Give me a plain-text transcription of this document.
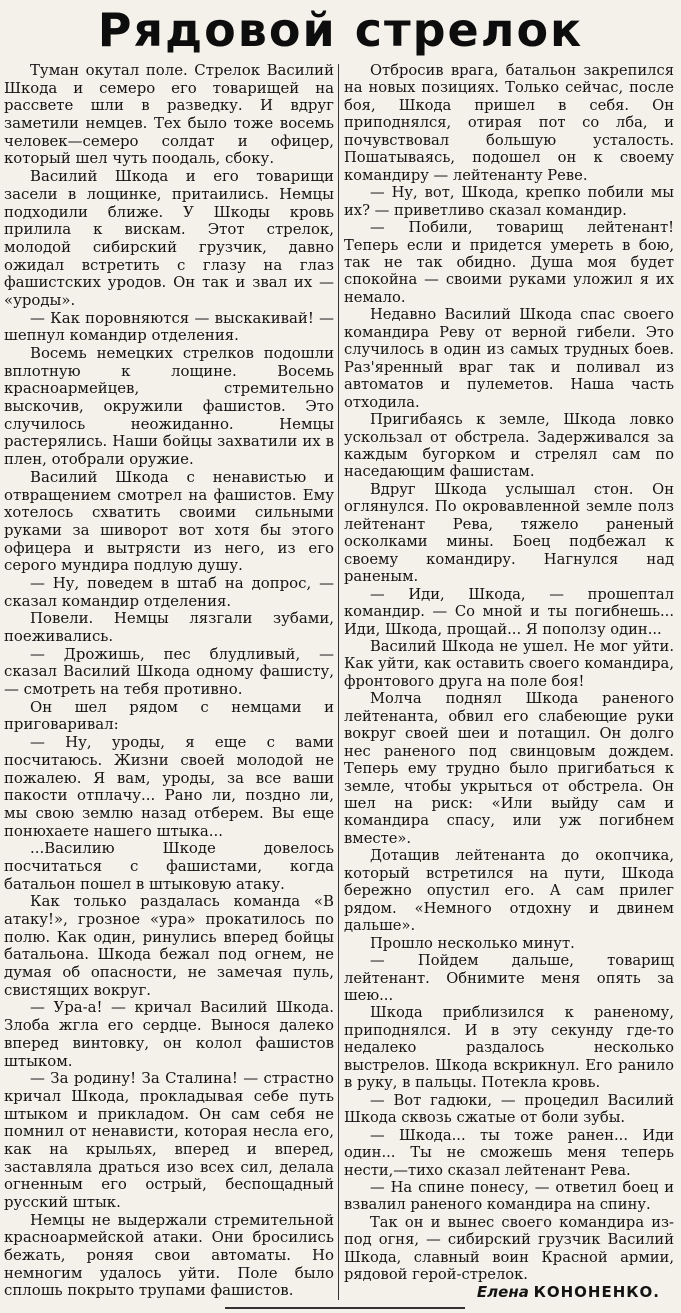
Рядовой стрелок

Туман окутал поле. Стрелок Василий Шкода и семеро его товарищей на рассвете шли в разведку. И вдруг заметили немцев. Тех было тоже восемь человек—семеро солдат и офицер, который шел чуть поодаль, сбоку.

Василий Шкода и его товарищи засели в лощинке, притаились. Немцы подходили ближе. У Шкоды кровь прилила к вискам. Этот стрелок, молодой сибирский грузчик, давно ожидал встретить с глазу на глаз фашистских уродов. Он так и звал их — «уроды».

— Как поровняются — выскакивай! — шепнул командир отделения.

Восемь немецких стрелков подошли вплотную к лощине. Восемь красноармейцев, стремительно выскочив, окружили фашистов. Это случилось неожиданно. Немцы растерялись. Наши бойцы захватили их в плен, отобрали оружие.

Василий Шкода с ненавистью и отвращением смотрел на фашистов. Ему хотелось схватить своими сильными руками за шиворот вот хотя бы этого офицера и вытрясти из него, из его серого мундира подлую душу.

— Ну, поведем в штаб на допрос, — сказал командир отделения.

Повели. Немцы лязгали зубами, поеживались.

— Дрожишь, пес блудливый, — сказал Василий Шкода одному фашисту, — смотреть на тебя противно.

Он шел рядом с немцами и приговаривал:

— Ну, уроды, я еще с вами посчитаюсь. Жизни своей молодой не пожалею. Я вам, уроды, за все ваши пакости отплачу... Рано ли, поздно ли, мы свою землю назад отберем. Вы еще понюхаете нашего штыка...

...Василию Шкоде довелось посчитаться с фашистами, когда батальон пошел в штыковую атаку.

Как только раздалась команда «В атаку!», грозное «ура» прокатилось по полю. Как один, ринулись вперед бойцы батальона. Шкода бежал под огнем, не думая об опасности, не замечая пуль, свистящих вокруг.

— Ура-а! — кричал Василий Шкода. Злоба жгла его сердце. Вынося далеко вперед винтовку, он колол фашистов штыком.

— За родину! За Сталина! — страстно кричал Шкода, прокладывая себе путь штыком и прикладом. Он сам себя не помнил от ненависти, которая несла его, как на крыльях, вперед и вперед, заставляла драться изо всех сил, делала огненным его острый, беспощадный русский штык.

Немцы не выдержали стремительной красноармейской атаки. Они бросились бежать, роняя свои автоматы. Но немногим удалось уйти. Поле было сплошь покрыто трупами фашистов.

Отбросив врага, батальон закрепился на новых позициях. Только сейчас, после боя, Шкода пришел в себя. Он приподнялся, отирая пот со лба, и почувствовал большую усталость. Пошатываясь, подошел он к своему командиру — лейтенанту Реве.

— Ну, вот, Шкода, крепко побили мы их? — приветливо сказал командир.

— Побили, товарищ лейтенант! Теперь если и придется умереть в бою, так не так обидно. Душа моя будет спокойна — своими руками уложил я их немало.

Недавно Василий Шкода спас своего командира Реву от верной гибели. Это случилось в один из самых трудных боев. Раз'яренный враг так и поливал из автоматов и пулеметов. Наша часть отходила.

Пригибаясь к земле, Шкода ловко ускользал от обстрела. Задерживался за каждым бугорком и стрелял сам по наседающим фашистам.

Вдруг Шкода услышал стон. Он оглянулся. По окровавленной земле полз лейтенант Рева, тяжело раненый осколками мины. Боец подбежал к своему командиру. Нагнулся над раненым.

— Иди, Шкода, — прошептал командир. — Со мной и ты погибнешь... Иди, Шкода, прощай... Я поползу один...

Василий Шкода не ушел. Не мог уйти. Как уйти, как оставить своего командира, фронтового друга на поле боя!

Молча поднял Шкода раненого лейтенанта, обвил его слабеющие руки вокруг своей шеи и потащил. Он долго нес раненого под свинцовым дождем. Теперь ему трудно было пригибаться к земле, чтобы укрыться от обстрела. Он шел на риск: «Или выйду сам и командира спасу, или уж погибнем вместе».

Дотащив лейтенанта до окопчика, который встретился на пути, Шкода бережно опустил его. А сам прилег рядом. «Немного отдохну и двинем дальше».

Прошло несколько минут.

— Пойдем дальше, товарищ лейтенант. Обнимите меня опять за шею...

Шкода приблизился к раненому, приподнялся. И в эту секунду где-то недалеко раздалось несколько выстрелов. Шкода вскрикнул. Его ранило в руку, в пальцы. Потекла кровь.

— Вот гадюки, — процедил Василий Шкода сквозь сжатые от боли зубы.

— Шкода... ты тоже ранен... Иди один... Ты не сможешь меня теперь нести,—тихо сказал лейтенант Рева.

— На спине понесу, — ответил боец и взвалил раненого командира на спину.

Так он и вынес своего командира из-под огня, — сибирский грузчик Василий Шкода, славный воин Красной армии, рядовой герой-стрелок.

Елена КОНОНЕНКО.
